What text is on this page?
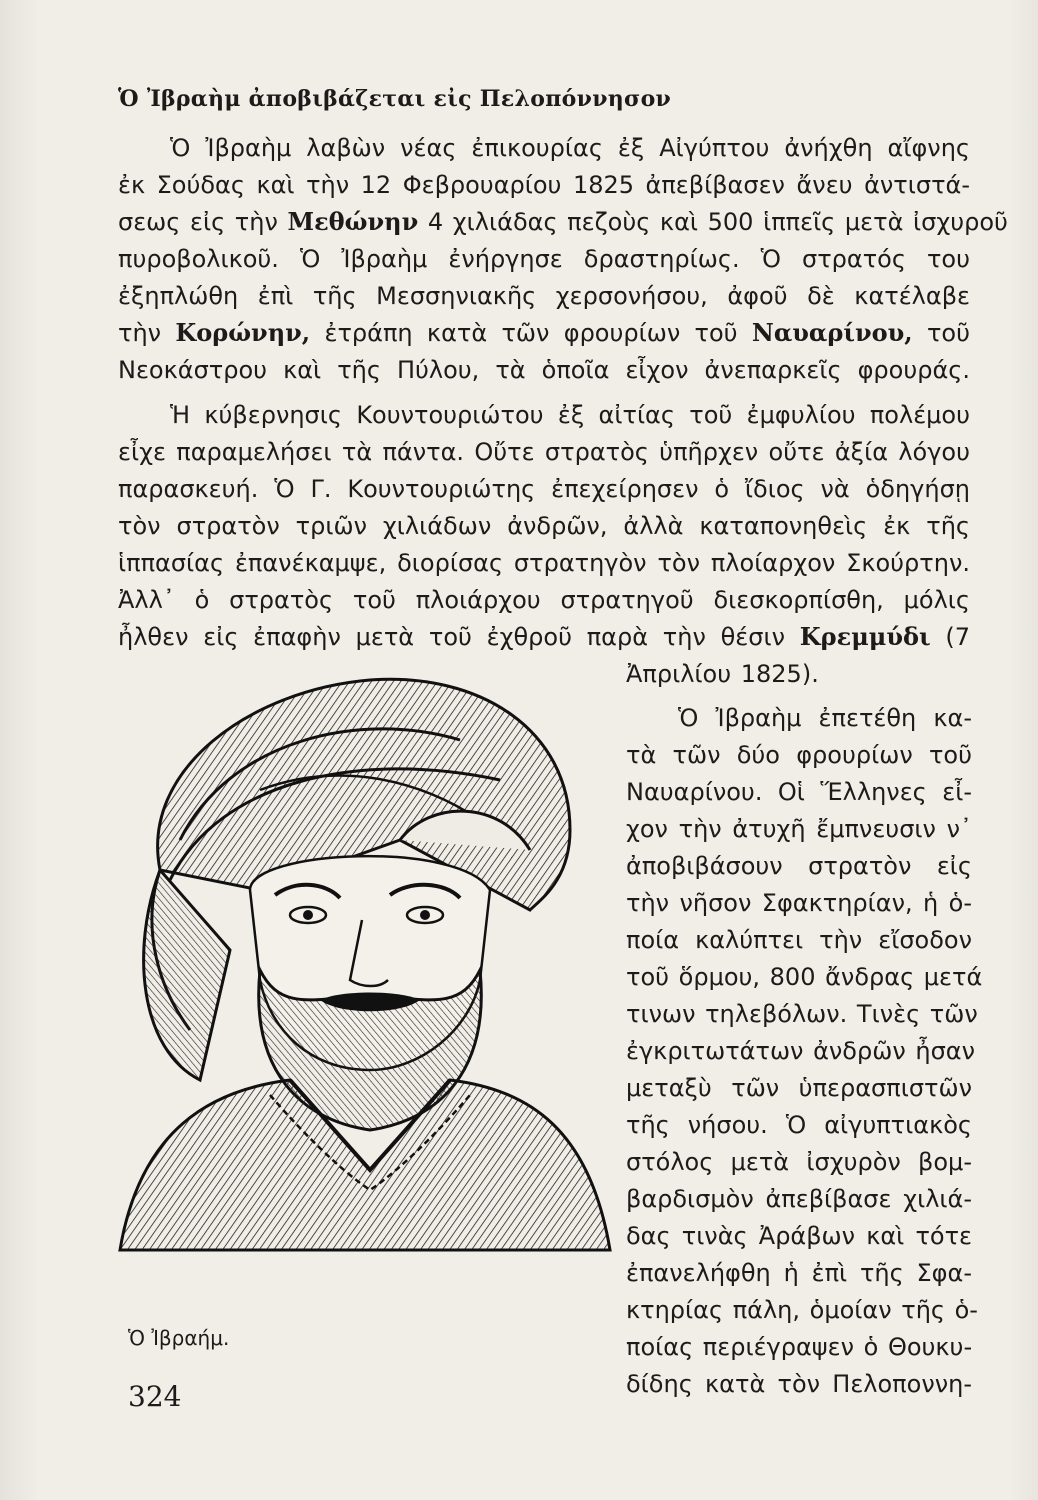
Ὁ Ἰβραὴμ ἀποβιβάζεται εἰς Πελοπόννησον
Ὁ Ἰβραὴμ λαβὼν νέας ἐπικουρίας ἐξ Αἰγύπτου ἀνήχθη αἴφνης
ἐκ Σούδας καὶ τὴν 12 Φεβρουαρίου 1825 ἀπεβίβασεν ἄνευ ἀντιστά-
σεως εἰς τὴν Μεθώνην 4 χιλιάδας πεζοὺς καὶ 500 ἱππεῖς μετὰ ἰσχυροῦ
πυροβολικοῦ. Ὁ Ἰβραὴμ ἐνήργησε δραστηρίως. Ὁ στρατός του
ἐξηπλώθη ἐπὶ τῆς Μεσσηνιακῆς χερσονήσου, ἀφοῦ δὲ κατέλαβε
τὴν Κορώνην, ἐτράπη κατὰ τῶν φρουρίων τοῦ Ναυαρίνου, τοῦ
Νεοκάστρου καὶ τῆς Πύλου, τὰ ὁποῖα εἶχον ἀνεπαρκεῖς φρουράς.
Ἡ κύβερνησις Κουντουριώτου ἐξ αἰτίας τοῦ ἐμφυλίου πολέμου
εἶχε παραμελήσει τὰ πάντα. Οὔτε στρατὸς ὑπῆρχεν οὔτε ἀξία λόγου
παρασκευή. Ὁ Γ. Κουντουριώτης ἐπεχείρησεν ὁ ἴδιος νὰ ὁδηγήσῃ
τὸν στρατὸν τριῶν χιλιάδων ἀνδρῶν, ἀλλὰ καταπονηθεὶς ἐκ τῆς
ἱππασίας ἐπανέκαμψε, διορίσας στρατηγὸν τὸν πλοίαρχον Σκούρτην.
Ἀλλ᾽ ὁ στρατὸς τοῦ πλοιάρχου στρατηγοῦ διεσκορπίσθη, μόλις
ἦλθεν εἰς ἐπαφὴν μετὰ τοῦ ἐχθροῦ παρὰ τὴν θέσιν Κρεμμύδι (7
Ἀπριλίου 1825).
Ὁ Ἰβραὴμ ἐπετέθη κα-
τὰ τῶν δύο φρουρίων τοῦ
Ναυαρίνου. Οἱ Ἕλληνες εἶ-
χον τὴν ἀτυχῆ ἔμπνευσιν ν᾽
ἀποβιβάσουν στρατὸν εἰς
τὴν νῆσον Σφακτηρίαν, ἡ ὁ-
ποία καλύπτει τὴν εἴσοδον
τοῦ ὅρμου, 800 ἄνδρας μετά
τινων τηλεβόλων. Τινὲς τῶν
ἐγκριτωτάτων ἀνδρῶν ἦσαν
μεταξὺ τῶν ὑπερασπιστῶν
τῆς νήσου. Ὁ αἰγυπτιακὸς
στόλος μετὰ ἰσχυρὸν βομ-
βαρδισμὸν ἀπεβίβασε χιλιά-
δας τινὰς Ἀράβων καὶ τότε
ἐπανελήφθη ἡ ἐπὶ τῆς Σφα-
κτηρίας πάλη, ὁμοίαν τῆς ὁ-
ποίας περιέγραψεν ὁ Θουκυ-
δίδης κατὰ τὸν Πελοποννη-
Ὁ Ἰβραήμ.
324
